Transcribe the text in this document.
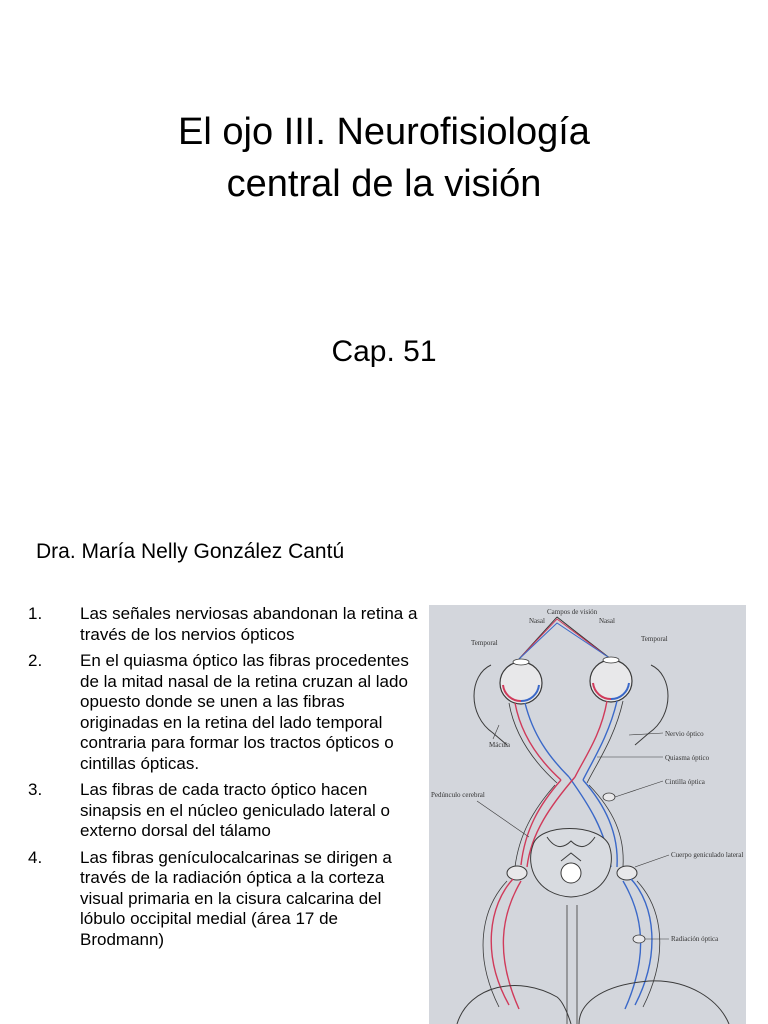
El ojo III. Neurofisiología
central de la visión
Cap. 51
Dra. María Nelly González Cantú
1.	Las señales nerviosas abandonan la retina a través de los nervios ópticos
2.	En el quiasma óptico las fibras procedentes de la mitad nasal de la retina cruzan al lado opuesto donde se unen a las fibras originadas en la retina del lado temporal contraria para formar los tractos ópticos o cintillas ópticas.
3.	Las fibras de cada tracto óptico hacen sinapsis en el núcleo geniculado lateral o externo dorsal del tálamo
4.	Las fibras genículocalcarinas se dirigen a través de la radiación óptica a la corteza visual primaria en la cisura calcarina del lóbulo occipital medial (área 17 de Brodmann)
Campos de visión
Nasal	Nasal
Temporal	Temporal
Mácula
Nervio óptico
Quiasma óptico
Cintilla óptica
Pedúnculo cerebral
Cuerpo geniculado lateral
Radiación óptica
